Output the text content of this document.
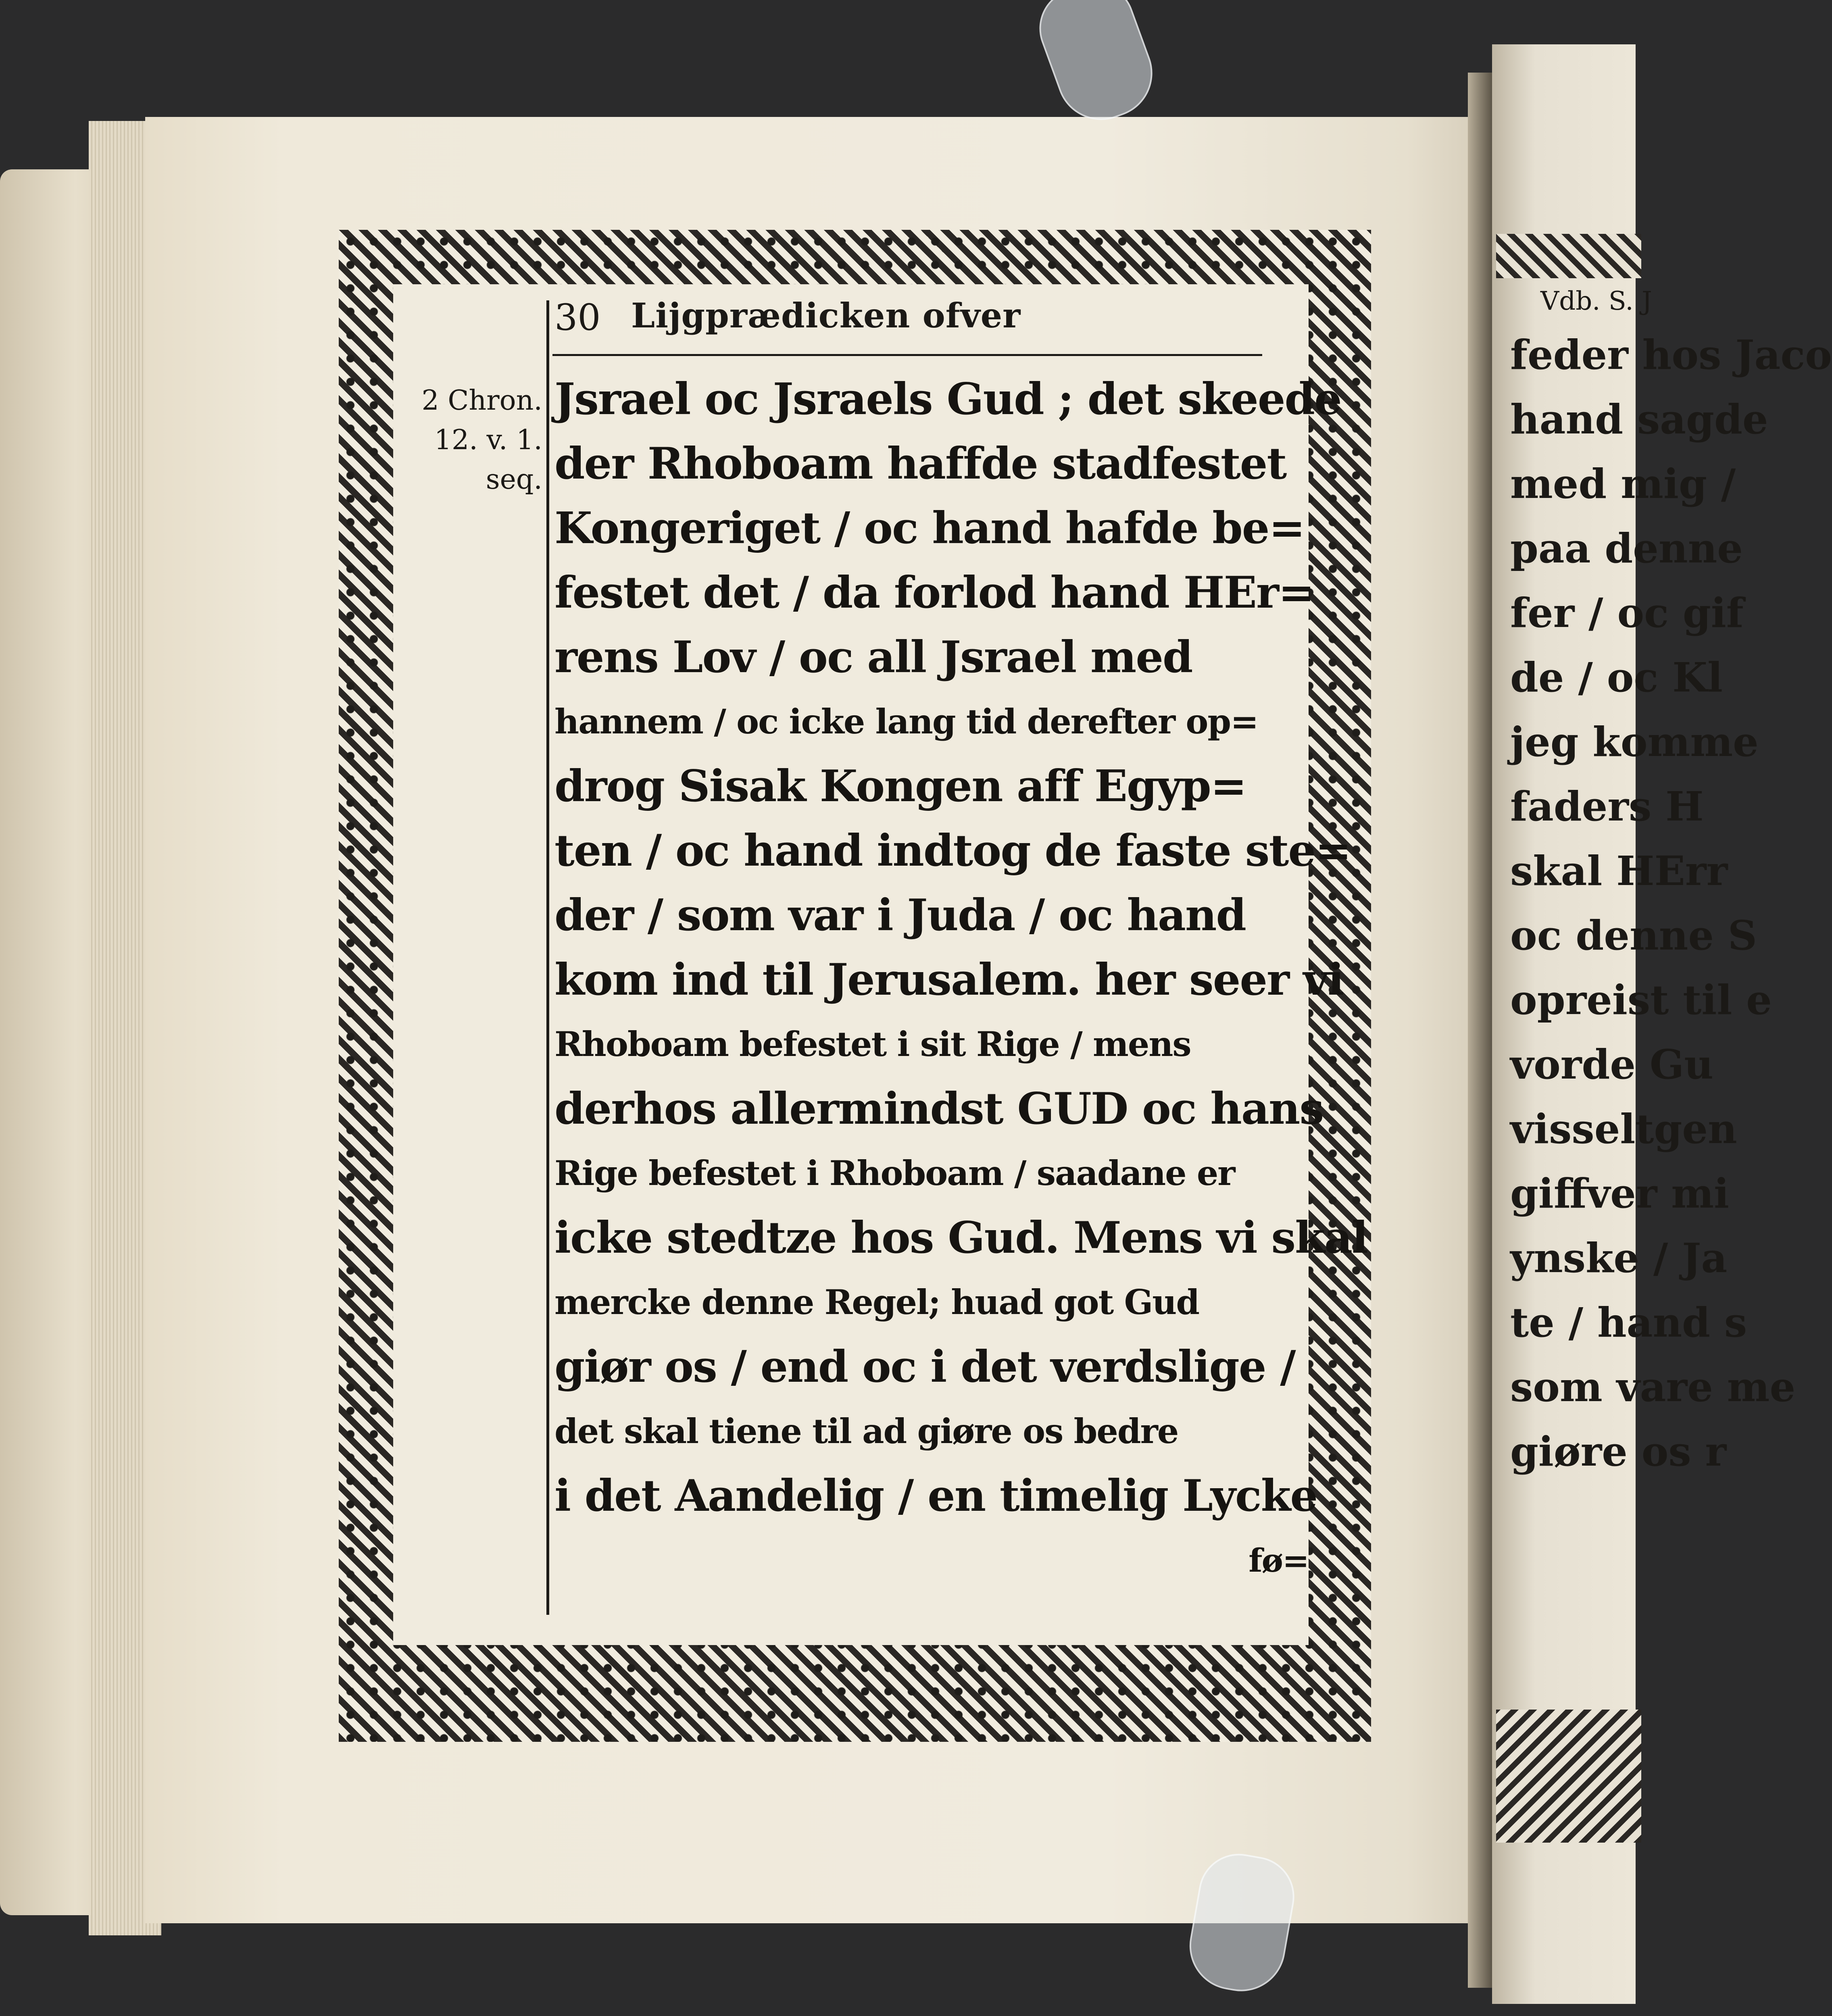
Vdb. S. J
feder hos Jaco
hand sagde
med mig /
paa denne
fer / oc gif
de / oc Kl
jeg komme
faders H
skal HErr
oc denne S
opreist til e
vorde Gu
visseltgen
giffver mi
ynske / Ja
te / hand s
som vare me
giøre os r
30 Lijgprædicken ofver
2 Chron.
12. v. 1.
seq.
Jsrael oc Jsraels Gud ; det skeede
der Rhoboam haffde stadfestet
Kongeriget / oc hand hafde be=
festet det / da forlod hand HEr=
rens Lov / oc all Jsrael med
hannem / oc icke lang tid derefter op=
drog Sisak Kongen aff Egyp=
ten / oc hand indtog de faste ste=
der / som var i Juda / oc hand
kom ind til Jerusalem. her seer vi
Rhoboam befestet i sit Rige / mens
derhos allermindst GUD oc hans
Rige befestet i Rhoboam / saadane er
icke stedtze hos Gud. Mens vi skal
mercke denne Regel; huad got Gud
giør os / end oc i det verdslige /
det skal tiene til ad giøre os bedre
i det Aandelig / en timelig Lycke
fø=
